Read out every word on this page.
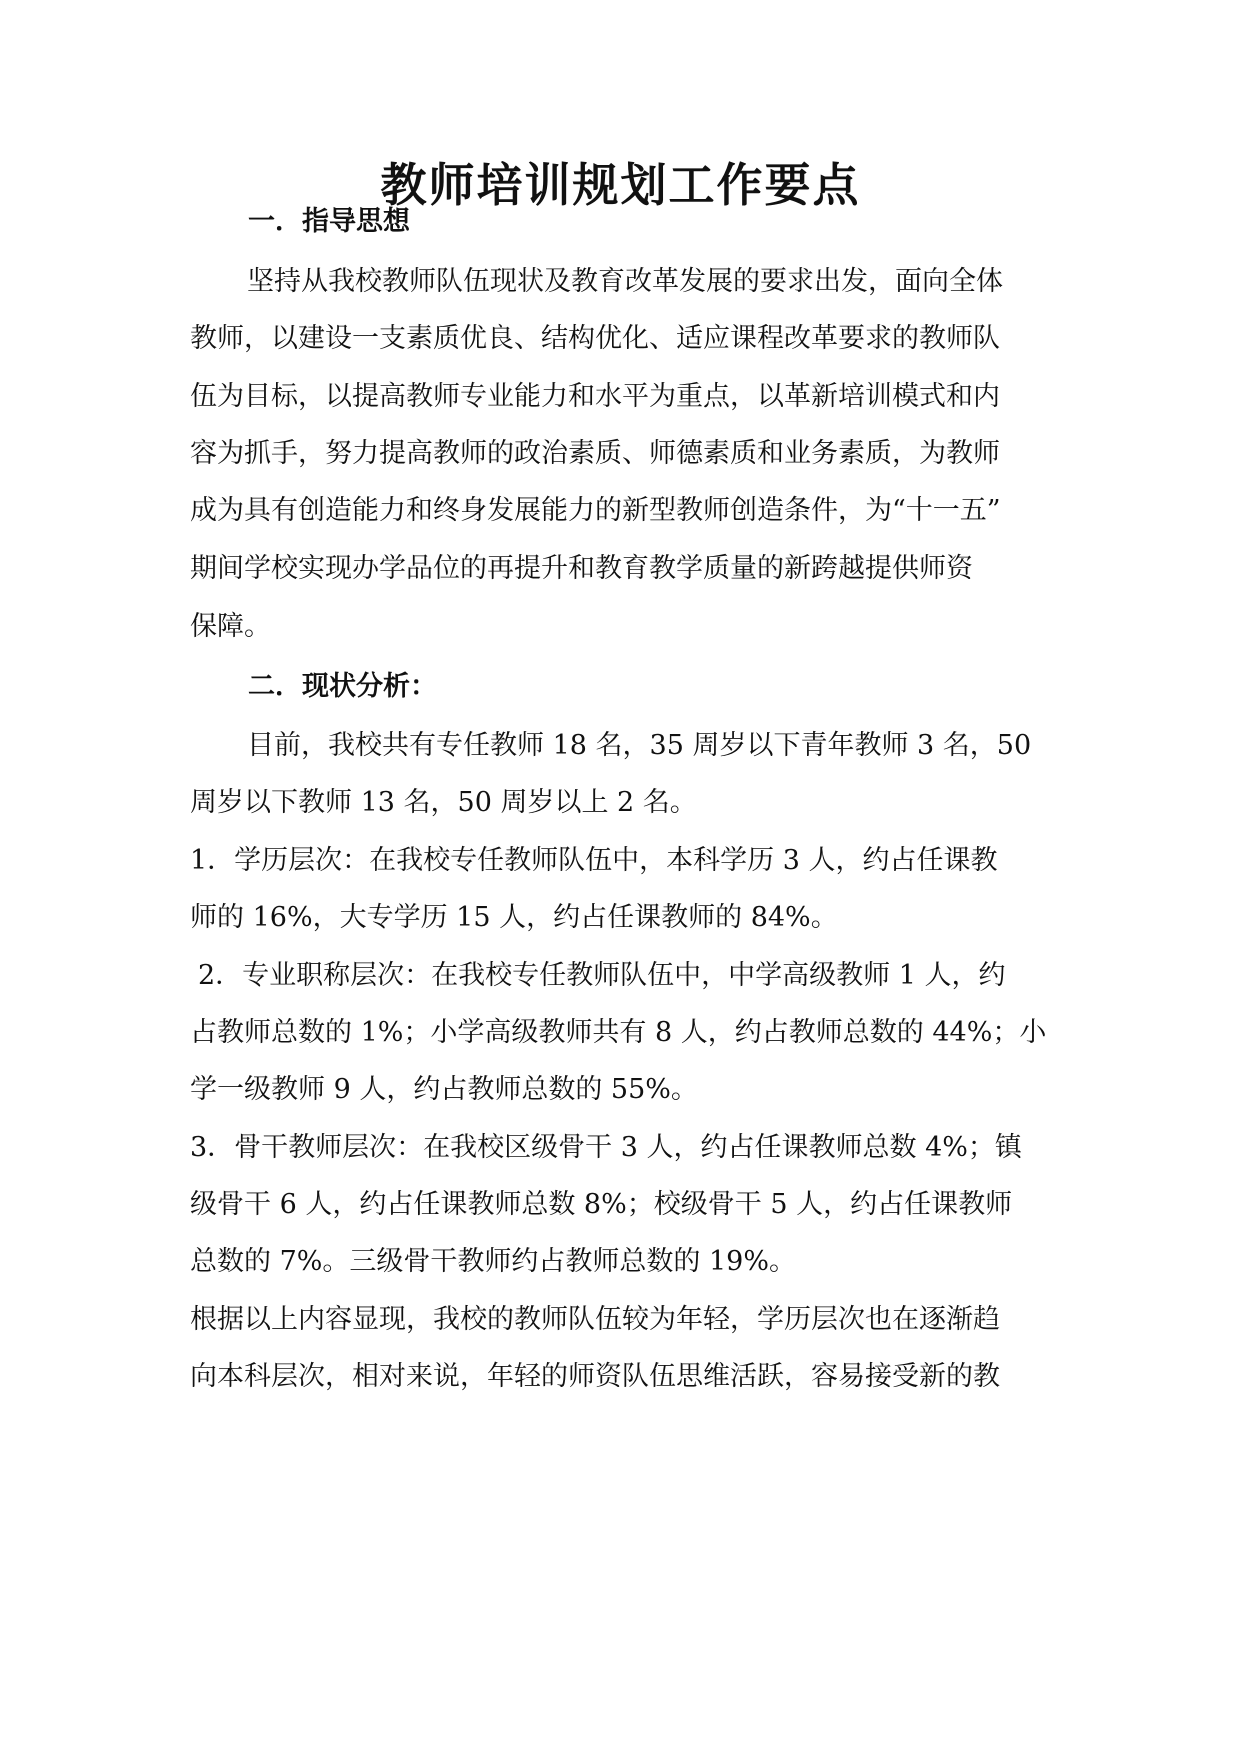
教师培训规划工作要点
一．指导思想
坚持从我校教师队伍现状及教育改革发展的要求出发，面向全体
教师，以建设一支素质优良、结构优化、适应课程改革要求的教师队
伍为目标，以提高教师专业能力和水平为重点，以革新培训模式和内
容为抓手，努力提高教师的政治素质、师德素质和业务素质，为教师
成为具有创造能力和终身发展能力的新型教师创造条件，为“十一五”
期间学校实现办学品位的再提升和教育教学质量的新跨越提供师资
保障。
二．现状分析：
目前，我校共有专任教师 18 名，35 周岁以下青年教师 3 名，50
周岁以下教师 13 名，50 周岁以上 2 名。
1．学历层次：在我校专任教师队伍中，本科学历 3 人，约占任课教
师的 16%，大专学历 15 人，约占任课教师的 84%。
2．专业职称层次：在我校专任教师队伍中，中学高级教师 1 人，约
占教师总数的 1%；小学高级教师共有 8 人，约占教师总数的 44%；小
学一级教师 9 人，约占教师总数的 55%。
3．骨干教师层次：在我校区级骨干 3 人，约占任课教师总数 4%；镇
级骨干 6 人，约占任课教师总数 8%；校级骨干 5 人，约占任课教师
总数的 7%。三级骨干教师约占教师总数的 19%。
根据以上内容显现，我校的教师队伍较为年轻，学历层次也在逐渐趋
向本科层次，相对来说，年轻的师资队伍思维活跃，容易接受新的教
